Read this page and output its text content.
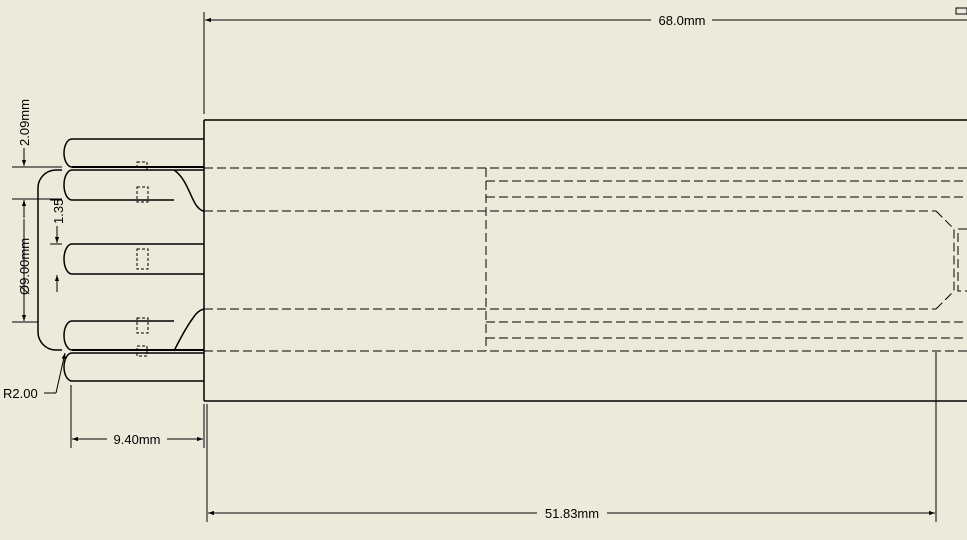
68.0mm
51.83mm
9.40mm
R2.00
2.09mm
1.35
Ø9.00mm
